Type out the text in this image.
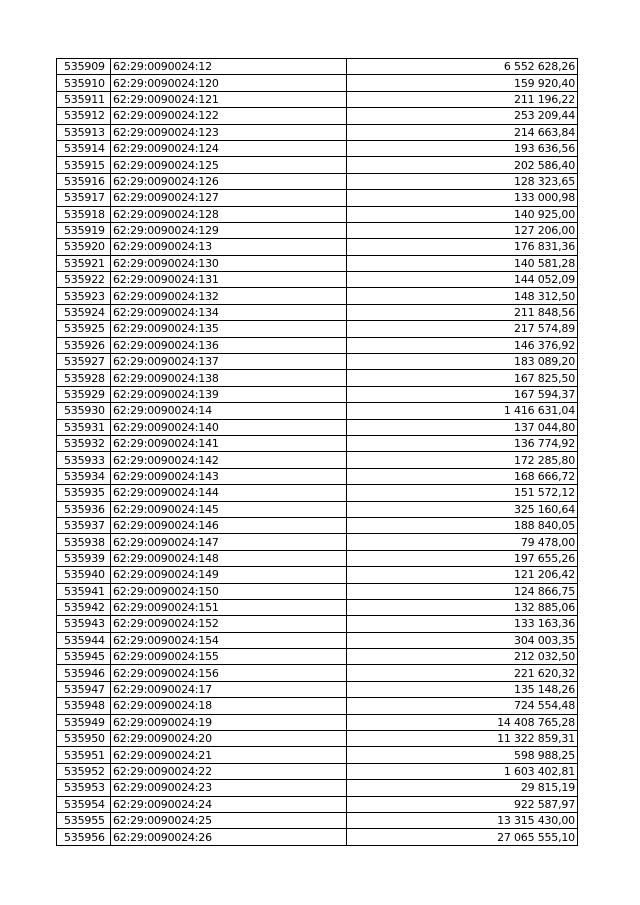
535909	62:29:0090024:12	6 552 628,26
535910	62:29:0090024:120	159 920,40
535911	62:29:0090024:121	211 196,22
535912	62:29:0090024:122	253 209,44
535913	62:29:0090024:123	214 663,84
535914	62:29:0090024:124	193 636,56
535915	62:29:0090024:125	202 586,40
535916	62:29:0090024:126	128 323,65
535917	62:29:0090024:127	133 000,98
535918	62:29:0090024:128	140 925,00
535919	62:29:0090024:129	127 206,00
535920	62:29:0090024:13	176 831,36
535921	62:29:0090024:130	140 581,28
535922	62:29:0090024:131	144 052,09
535923	62:29:0090024:132	148 312,50
535924	62:29:0090024:134	211 848,56
535925	62:29:0090024:135	217 574,89
535926	62:29:0090024:136	146 376,92
535927	62:29:0090024:137	183 089,20
535928	62:29:0090024:138	167 825,50
535929	62:29:0090024:139	167 594,37
535930	62:29:0090024:14	1 416 631,04
535931	62:29:0090024:140	137 044,80
535932	62:29:0090024:141	136 774,92
535933	62:29:0090024:142	172 285,80
535934	62:29:0090024:143	168 666,72
535935	62:29:0090024:144	151 572,12
535936	62:29:0090024:145	325 160,64
535937	62:29:0090024:146	188 840,05
535938	62:29:0090024:147	79 478,00
535939	62:29:0090024:148	197 655,26
535940	62:29:0090024:149	121 206,42
535941	62:29:0090024:150	124 866,75
535942	62:29:0090024:151	132 885,06
535943	62:29:0090024:152	133 163,36
535944	62:29:0090024:154	304 003,35
535945	62:29:0090024:155	212 032,50
535946	62:29:0090024:156	221 620,32
535947	62:29:0090024:17	135 148,26
535948	62:29:0090024:18	724 554,48
535949	62:29:0090024:19	14 408 765,28
535950	62:29:0090024:20	11 322 859,31
535951	62:29:0090024:21	598 988,25
535952	62:29:0090024:22	1 603 402,81
535953	62:29:0090024:23	29 815,19
535954	62:29:0090024:24	922 587,97
535955	62:29:0090024:25	13 315 430,00
535956	62:29:0090024:26	27 065 555,10
